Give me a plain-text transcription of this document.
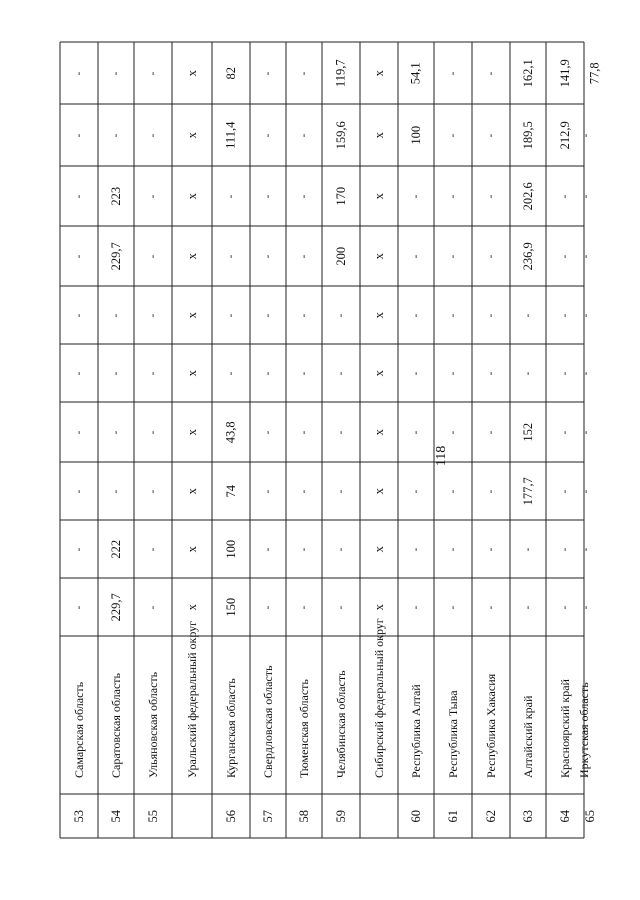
118
Самарская область
-
-
-
-
-
-
-
-
-
-
Саратовская область
-
-
223
229,7
-
-
-
-
222
229,7
Ульяновская область
-
-
-
-
-
-
-
-
-
-
Уральский федеральный округ
x
x
x
x
x
x
x
x
x
x
Курганская область
82
111,4
-
-
-
-
43,8
74
100
150
Свердловская область
-
-
-
-
-
-
-
-
-
-
Тюменская область
-
-
-
-
-
-
-
-
-
-
Челябинская область
119,7
159,6
170
200
-
-
-
-
-
-
Сибирский федеральный округ
x
x
x
x
x
x
x
x
x
x
Республика Алтай
54,1
100
-
-
-
-
-
-
-
-
Республика Тыва
-
-
-
-
-
-
-
-
-
-
Республика Хакасия
-
-
-
-
-
-
-
-
-
-
Алтайский край
162,1
189,5
202,6
236,9
-
-
152
177,7
-
-
Красноярский край
141,9
212,9
-
-
-
-
-
-
-
-
Иркутская область
77,8
-
-
-
-
-
-
-
-
-
53 54 55	56 57 58 59	60 61 62 63 64 65
